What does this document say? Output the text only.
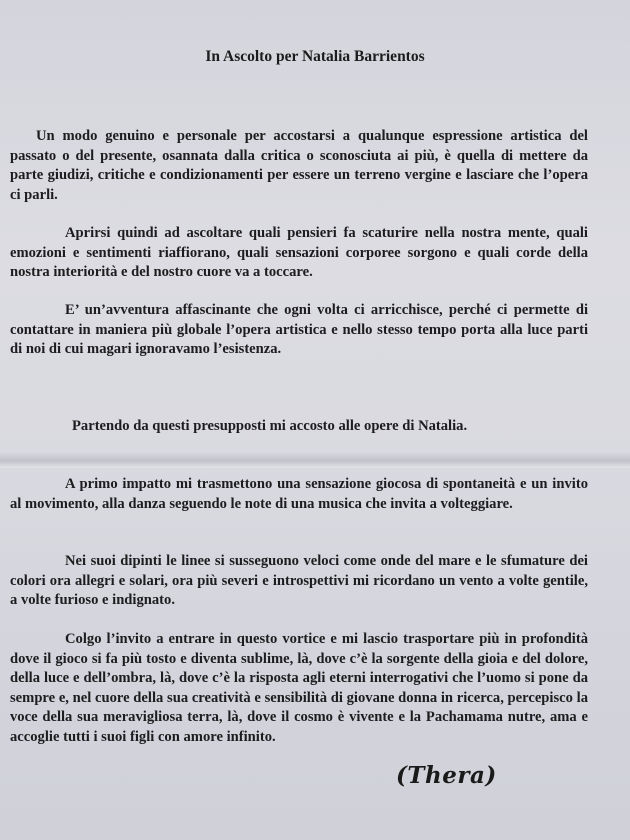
In Ascolto per Natalia Barrientos
Un modo genuino e personale per accostarsi a qualunque espressione artistica del passato o del presente, osannata dalla critica o sconosciuta ai più, è quella di mettere da parte giudizi, critiche e condizionamenti per essere un terreno vergine e lasciare che l’opera ci parli.
Aprirsi quindi ad ascoltare quali pensieri fa scaturire nella nostra mente, quali emozioni e sentimenti riaffiorano, quali sensazioni corporee sorgono e quali corde della nostra interiorità e del nostro cuore va a toccare.
E’ un’avventura affascinante che ogni volta ci arricchisce, perché ci permette di contattare in maniera più globale l’opera artistica e nello stesso tempo porta alla luce parti di noi di cui magari ignoravamo l’esistenza.
Partendo da questi presupposti mi accosto alle opere di Natalia.
A primo impatto mi trasmettono una sensazione giocosa di spontaneità e un invito al movimento, alla danza seguendo le note di una musica che invita a volteggiare.
Nei suoi dipinti le linee si susseguono veloci come onde del mare e le sfumature dei colori ora allegri e solari, ora più severi e introspettivi mi ricordano un vento a volte gentile, a volte furioso e indignato.
Colgo l’invito a entrare in questo vortice e mi lascio trasportare più in profondità dove il gioco si fa più tosto e diventa sublime, là, dove c’è la sorgente della gioia e del dolore, della luce e dell’ombra, là, dove c’è la risposta agli eterni interrogativi che l’uomo si pone da sempre e, nel cuore della sua creatività e sensibilità di giovane donna in ricerca, percepisco la voce della sua meravigliosa terra, là, dove il cosmo è vivente e la Pachamama nutre, ama e accoglie tutti i suoi figli con amore infinito.
(Thera)
